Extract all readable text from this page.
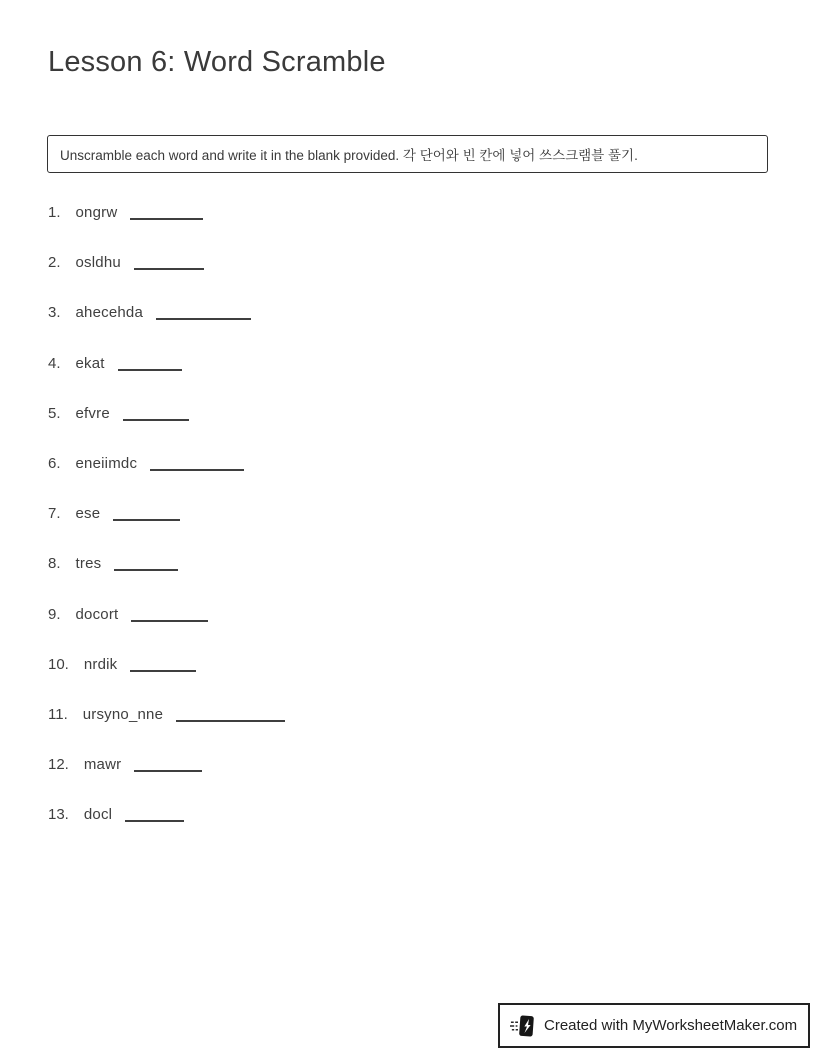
Lesson 6: Word Scramble
Unscramble each word and write it in the blank provided. 각 단어와 빈 칸에 넣어 쓰스크램블 풀기.
1. ongrw
2. osldhu
3. ahecehda
4. ekat
5. efvre
6. eneiimdc
7. ese
8. tres
9. docort
10. nrdik
11. ursyno_nne
12. mawr
13. docl
Created with MyWorksheetMaker.com
